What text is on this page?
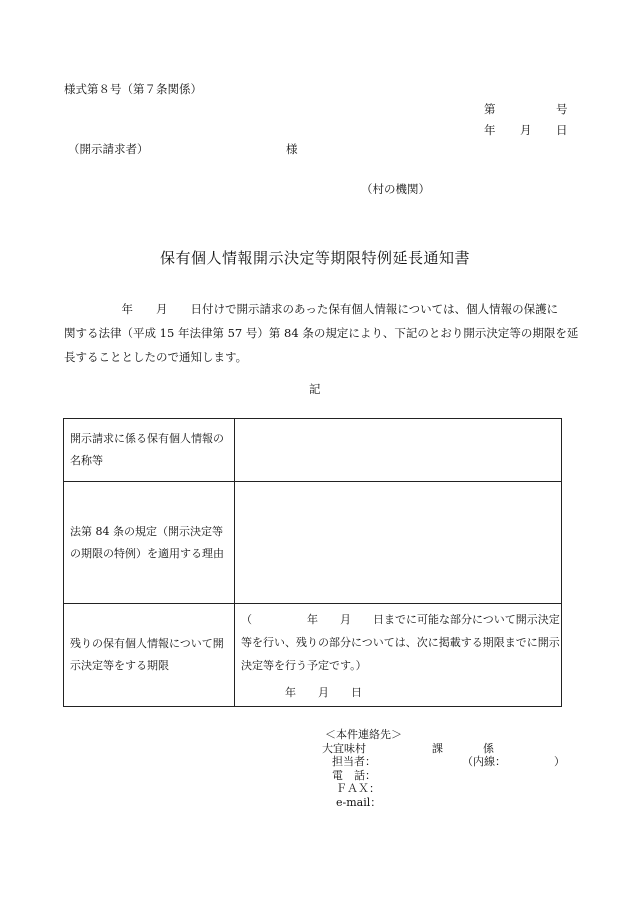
様式第８号（第７条関係）
第	号
年 月 日
（開示請求者）	様
（村の機関）
保有個人情報開示決定等期限特例延長通知書
　　　　　年　　月　　日付けで開示請求のあった保有個人情報については、個人情報の保護に
関する法律（平成 15 年法律第 57 号）第 84 条の規定により、下記のとおり開示決定等の期限を延
長することとしたので通知します。
記
開示請求に係る保有個人情報の名称等	
法第 84 条の規定（開示決定等の期限の特例）を適用する理由	
残りの保有個人情報について開示決定等をする期限	（　　　　　年　　月　　日までに可能な部分について開示決定等を行い、残りの部分については、次に掲載する期限までに開示決定等を行う予定です。）
年　　月　　日
＜本件連絡先＞
大宜味村	課	係
担当者：	（内線：	）
電　話：
ＦＡＸ：
e-mail：
